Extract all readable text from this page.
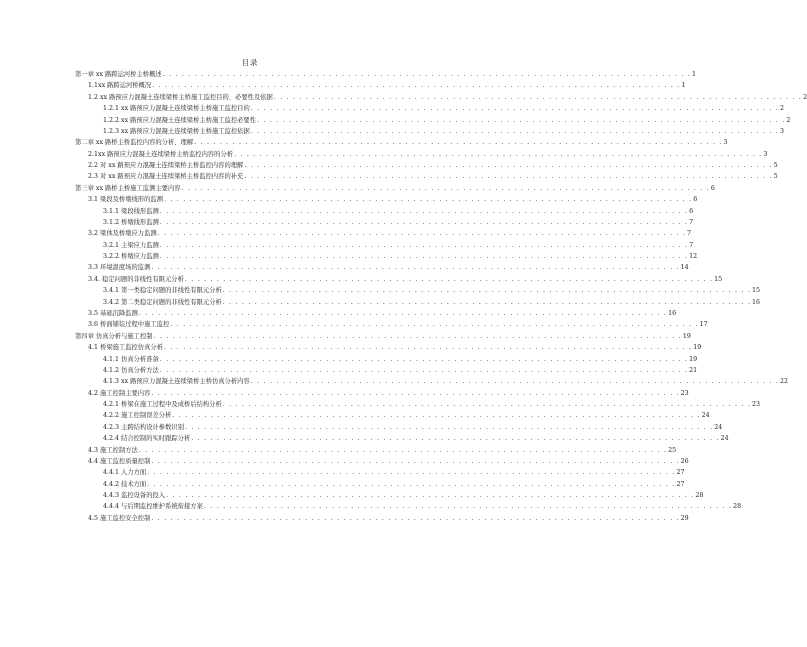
目录
第一章 xx 路跨运河桥主桥概述 . . . . . . . . . . . . . . . . . . . . . . . . . . . . . . . . . . . . . . . . . . . . . . . . . . . . . . . . . . . . . . . . . . . . . . . . . . . . . . . . . . . 1
1.1xx 路跨运河桥概况 . . . . . . . . . . . . . . . . . . . . . . . . . . . . . . . . . . . . . . . . . . . . . . . . . . . . . . . . . . . . . . . . . . . . . . . . . . . . . . . . . . . 1
1.2 xx 路预应力混凝土连续梁桥主桥施工监控目的、必要性及依据 . . . . . . . . . . . . . . . . . . . . . . . . . . . . . . . . . . . . . . . . . . . . . . . . . . . . . . . . . . . . . . . . . . . . . . . . . . . . . . . . . . . 2
1.2.1 xx 路预应力混凝土连续梁桥主桥施工监控目的 . . . . . . . . . . . . . . . . . . . . . . . . . . . . . . . . . . . . . . . . . . . . . . . . . . . . . . . . . . . . . . . . . . . . . . . . . . . . . . . . . . . 2
1.2.2 xx 路预应力混凝土连续梁桥主桥施工监控必要性 . . . . . . . . . . . . . . . . . . . . . . . . . . . . . . . . . . . . . . . . . . . . . . . . . . . . . . . . . . . . . . . . . . . . . . . . . . . . . . . . . . . 2
1.2.3 xx 路预应力混凝土连续梁桥主桥施工监控依据 . . . . . . . . . . . . . . . . . . . . . . . . . . . . . . . . . . . . . . . . . . . . . . . . . . . . . . . . . . . . . . . . . . . . . . . . . . . . . . . . . . . 3
第二章 xx 路桥主桥监控内容的分析、理解 . . . . . . . . . . . . . . . . . . . . . . . . . . . . . . . . . . . . . . . . . . . . . . . . . . . . . . . . . . . . . . . . . . . . . . . . . . . . . . . . . . . 3
2.1xx 路预应力混凝土连续梁桥主桥监控内容的分析 . . . . . . . . . . . . . . . . . . . . . . . . . . . . . . . . . . . . . . . . . . . . . . . . . . . . . . . . . . . . . . . . . . . . . . . . . . . . . . . . . . . 3
2.2 对 xx 路预应力混凝土连续梁桥主桥监控内容的理解 . . . . . . . . . . . . . . . . . . . . . . . . . . . . . . . . . . . . . . . . . . . . . . . . . . . . . . . . . . . . . . . . . . . . . . . . . . . . . . . . . . . 5
2.3 对 xx 路预应力混凝土连续梁桥主桥监控内容的补充 . . . . . . . . . . . . . . . . . . . . . . . . . . . . . . . . . . . . . . . . . . . . . . . . . . . . . . . . . . . . . . . . . . . . . . . . . . . . . . . . . . . 5
第三章 xx 路桥主桥施工监测主要内容 . . . . . . . . . . . . . . . . . . . . . . . . . . . . . . . . . . . . . . . . . . . . . . . . . . . . . . . . . . . . . . . . . . . . . . . . . . . . . . . . . . . 6
3.1 梁段及桥墩线形的监测 . . . . . . . . . . . . . . . . . . . . . . . . . . . . . . . . . . . . . . . . . . . . . . . . . . . . . . . . . . . . . . . . . . . . . . . . . . . . . . . . . . . 6
3.1.1 梁段线形监测 . . . . . . . . . . . . . . . . . . . . . . . . . . . . . . . . . . . . . . . . . . . . . . . . . . . . . . . . . . . . . . . . . . . . . . . . . . . . . . . . . . . 6
3.1.2 桥墩线形监测 . . . . . . . . . . . . . . . . . . . . . . . . . . . . . . . . . . . . . . . . . . . . . . . . . . . . . . . . . . . . . . . . . . . . . . . . . . . . . . . . . . . 7
3.2 梁体及桥墩应力监测 . . . . . . . . . . . . . . . . . . . . . . . . . . . . . . . . . . . . . . . . . . . . . . . . . . . . . . . . . . . . . . . . . . . . . . . . . . . . . . . . . . . 7
3.2.1 主梁应力监测 . . . . . . . . . . . . . . . . . . . . . . . . . . . . . . . . . . . . . . . . . . . . . . . . . . . . . . . . . . . . . . . . . . . . . . . . . . . . . . . . . . . 7
3.2.2 桥墩应力监测 . . . . . . . . . . . . . . . . . . . . . . . . . . . . . . . . . . . . . . . . . . . . . . . . . . . . . . . . . . . . . . . . . . . . . . . . . . . . . . . . . . . 12
3.3 环境温度场的监测 . . . . . . . . . . . . . . . . . . . . . . . . . . . . . . . . . . . . . . . . . . . . . . . . . . . . . . . . . . . . . . . . . . . . . . . . . . . . . . . . . . . 14
3.4. 稳定问题的非线性有限元分析 . . . . . . . . . . . . . . . . . . . . . . . . . . . . . . . . . . . . . . . . . . . . . . . . . . . . . . . . . . . . . . . . . . . . . . . . . . . . . . . . . . . 15
3.4.1 第一类稳定问题的非线性有限元分析 . . . . . . . . . . . . . . . . . . . . . . . . . . . . . . . . . . . . . . . . . . . . . . . . . . . . . . . . . . . . . . . . . . . . . . . . . . . . . . . . . . . 15
3.4.2 第二类稳定问题的非线性有限元分析 . . . . . . . . . . . . . . . . . . . . . . . . . . . . . . . . . . . . . . . . . . . . . . . . . . . . . . . . . . . . . . . . . . . . . . . . . . . . . . . . . . . 16
3.5 基础沉降监测 . . . . . . . . . . . . . . . . . . . . . . . . . . . . . . . . . . . . . . . . . . . . . . . . . . . . . . . . . . . . . . . . . . . . . . . . . . . . . . . . . . . 16
3.6 桥面铺装过程中施工监控 . . . . . . . . . . . . . . . . . . . . . . . . . . . . . . . . . . . . . . . . . . . . . . . . . . . . . . . . . . . . . . . . . . . . . . . . . . . . . . . . . . . 17
第四章 仿真分析与施工控制 . . . . . . . . . . . . . . . . . . . . . . . . . . . . . . . . . . . . . . . . . . . . . . . . . . . . . . . . . . . . . . . . . . . . . . . . . . . . . . . . . . . 19
4.1 桥梁施工监控仿真分析 . . . . . . . . . . . . . . . . . . . . . . . . . . . . . . . . . . . . . . . . . . . . . . . . . . . . . . . . . . . . . . . . . . . . . . . . . . . . . . . . . . . 19
4.1.1 仿真分析准备 . . . . . . . . . . . . . . . . . . . . . . . . . . . . . . . . . . . . . . . . . . . . . . . . . . . . . . . . . . . . . . . . . . . . . . . . . . . . . . . . . . . 19
4.1.2 仿真分析方法 . . . . . . . . . . . . . . . . . . . . . . . . . . . . . . . . . . . . . . . . . . . . . . . . . . . . . . . . . . . . . . . . . . . . . . . . . . . . . . . . . . . 21
4.1.3 xx 路预应力混凝土连续梁桥主桥仿真分析内容 . . . . . . . . . . . . . . . . . . . . . . . . . . . . . . . . . . . . . . . . . . . . . . . . . . . . . . . . . . . . . . . . . . . . . . . . . . . . . . . . . . . 22
4.2 施工控制主要内容 . . . . . . . . . . . . . . . . . . . . . . . . . . . . . . . . . . . . . . . . . . . . . . . . . . . . . . . . . . . . . . . . . . . . . . . . . . . . . . . . . . . 23
4.2.1 桥梁在施工过程中及成桥后结构分析 . . . . . . . . . . . . . . . . . . . . . . . . . . . . . . . . . . . . . . . . . . . . . . . . . . . . . . . . . . . . . . . . . . . . . . . . . . . . . . . . . . . 23
4.2.2 施工控制误差分析 . . . . . . . . . . . . . . . . . . . . . . . . . . . . . . . . . . . . . . . . . . . . . . . . . . . . . . . . . . . . . . . . . . . . . . . . . . . . . . . . . . . 24
4.2.3 主跨结构设计参数识别 . . . . . . . . . . . . . . . . . . . . . . . . . . . . . . . . . . . . . . . . . . . . . . . . . . . . . . . . . . . . . . . . . . . . . . . . . . . . . . . . . . . 24
4.2.4 结合控制的实时跟踪分析 . . . . . . . . . . . . . . . . . . . . . . . . . . . . . . . . . . . . . . . . . . . . . . . . . . . . . . . . . . . . . . . . . . . . . . . . . . . . . . . . . . . 24
4.3 施工控制方法 . . . . . . . . . . . . . . . . . . . . . . . . . . . . . . . . . . . . . . . . . . . . . . . . . . . . . . . . . . . . . . . . . . . . . . . . . . . . . . . . . . . 25
4.4 施工监控质量控制 . . . . . . . . . . . . . . . . . . . . . . . . . . . . . . . . . . . . . . . . . . . . . . . . . . . . . . . . . . . . . . . . . . . . . . . . . . . . . . . . . . . 26
4.4.1 人力方面 . . . . . . . . . . . . . . . . . . . . . . . . . . . . . . . . . . . . . . . . . . . . . . . . . . . . . . . . . . . . . . . . . . . . . . . . . . . . . . . . . . . 27
4.4.2 技术方面 . . . . . . . . . . . . . . . . . . . . . . . . . . . . . . . . . . . . . . . . . . . . . . . . . . . . . . . . . . . . . . . . . . . . . . . . . . . . . . . . . . . 27
4.4.3 监控设备的投入 . . . . . . . . . . . . . . . . . . . . . . . . . . . . . . . . . . . . . . . . . . . . . . . . . . . . . . . . . . . . . . . . . . . . . . . . . . . . . . . . . . . 28
4.4.4 与后期监控维护系统衔接方案 . . . . . . . . . . . . . . . . . . . . . . . . . . . . . . . . . . . . . . . . . . . . . . . . . . . . . . . . . . . . . . . . . . . . . . . . . . . . . . . . . . . 28
4.5 施工监控安全控制 . . . . . . . . . . . . . . . . . . . . . . . . . . . . . . . . . . . . . . . . . . . . . . . . . . . . . . . . . . . . . . . . . . . . . . . . . . . . . . . . . . . 29
